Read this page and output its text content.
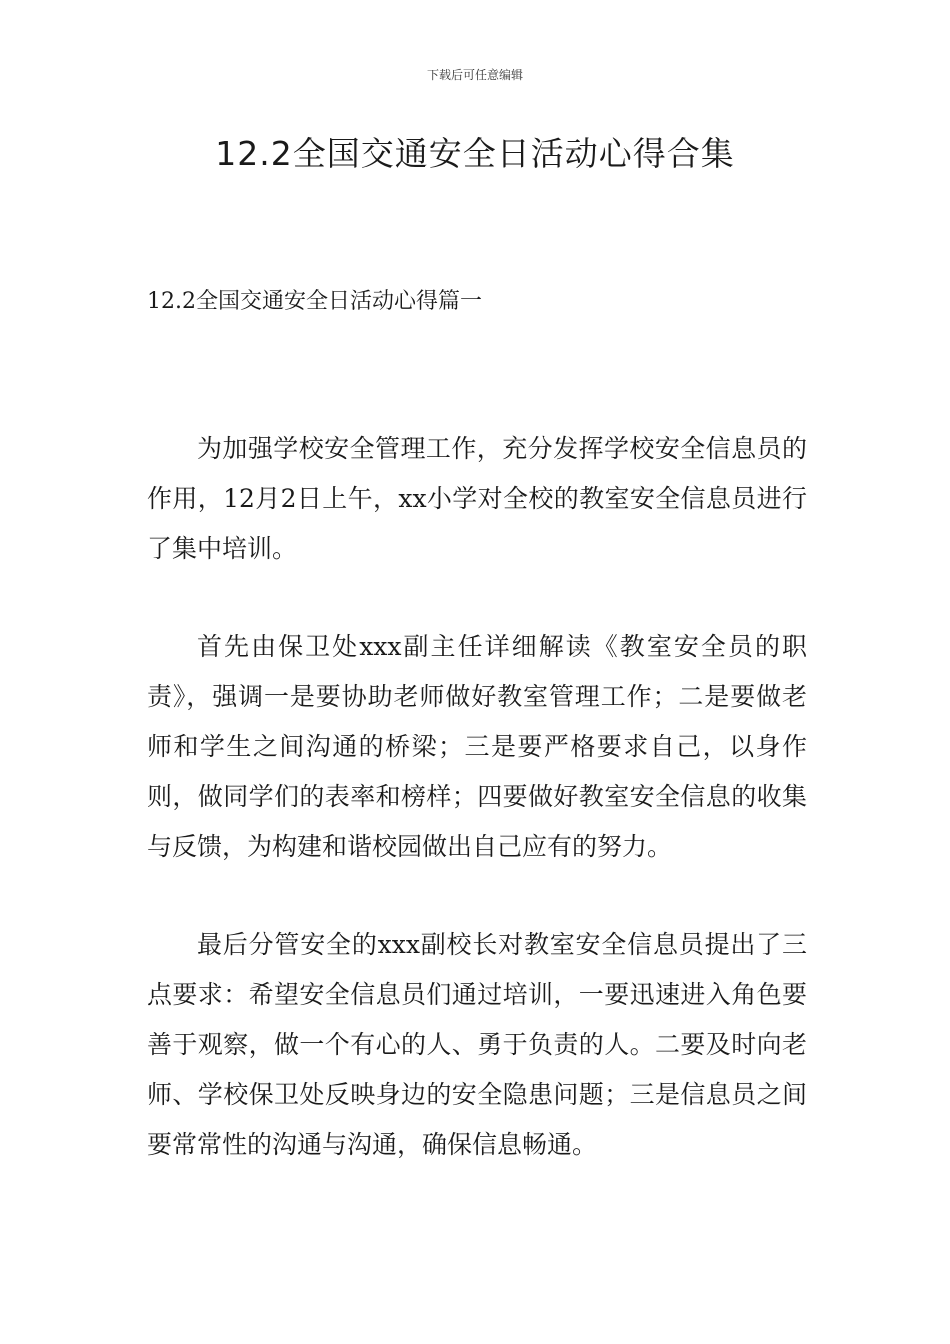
下载后可任意编辑
12.2全国交通安全日活动心得合集
12.2全国交通安全日活动心得篇一

为加强学校安全管理工作，充分发挥学校安全信息员的作用，12月2日上午，xx小学对全校的教室安全信息员进行了集中培训。

首先由保卫处xxx副主任详细解读《教室安全员的职责》，强调一是要协助老师做好教室管理工作；二是要做老师和学生之间沟通的桥梁；三是要严格要求自己，以身作则，做同学们的表率和榜样；四要做好教室安全信息的收集与反馈，为构建和谐校园做出自己应有的努力。

最后分管安全的xxx副校长对教室安全信息员提出了三点要求：希望安全信息员们通过培训，一要迅速进入角色要善于观察，做一个有心的人、勇于负责的人。二要及时向老师、学校保卫处反映身边的安全隐患问题；三是信息员之间要常常性的沟通与沟通，确保信息畅通。
